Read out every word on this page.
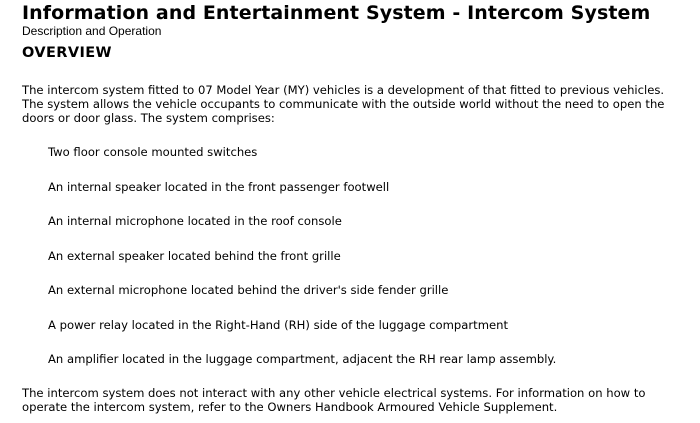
Information and Entertainment System - Intercom System
Description and Operation
OVERVIEW

The intercom system fitted to 07 Model Year (MY) vehicles is a development of that fitted to previous vehicles. The system allows the vehicle occupants to communicate with the outside world without the need to open the doors or door glass. The system comprises:

Two floor console mounted switches
An internal speaker located in the front passenger footwell
An internal microphone located in the roof console
An external speaker located behind the front grille
An external microphone located behind the driver's side fender grille
A power relay located in the Right-Hand (RH) side of the luggage compartment
An amplifier located in the luggage compartment, adjacent the RH rear lamp assembly.

The intercom system does not interact with any other vehicle electrical systems. For information on how to operate the intercom system, refer to the Owners Handbook Armoured Vehicle Supplement.
